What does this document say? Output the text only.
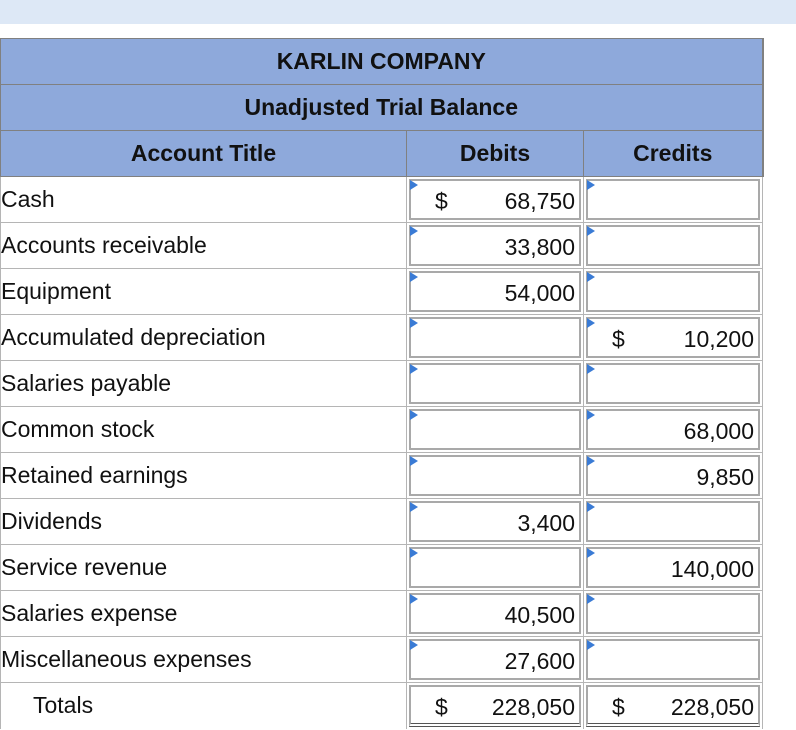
KARLIN COMPANY		
Unadjusted Trial Balance		
Account Title	Debits	Credits
Cash	$ 68,750	

Accounts receivable	33,800	

Equipment	54,000	

Accumulated depreciation		$ 10,200

Salaries payable	

Common stock		68,000

Retained earnings		9,850

Dividends	3,400	

Service revenue		140,000

Salaries expense	40,500	

Miscellaneous expenses	27,600	

Totals	$ 228,050	$ 228,050
